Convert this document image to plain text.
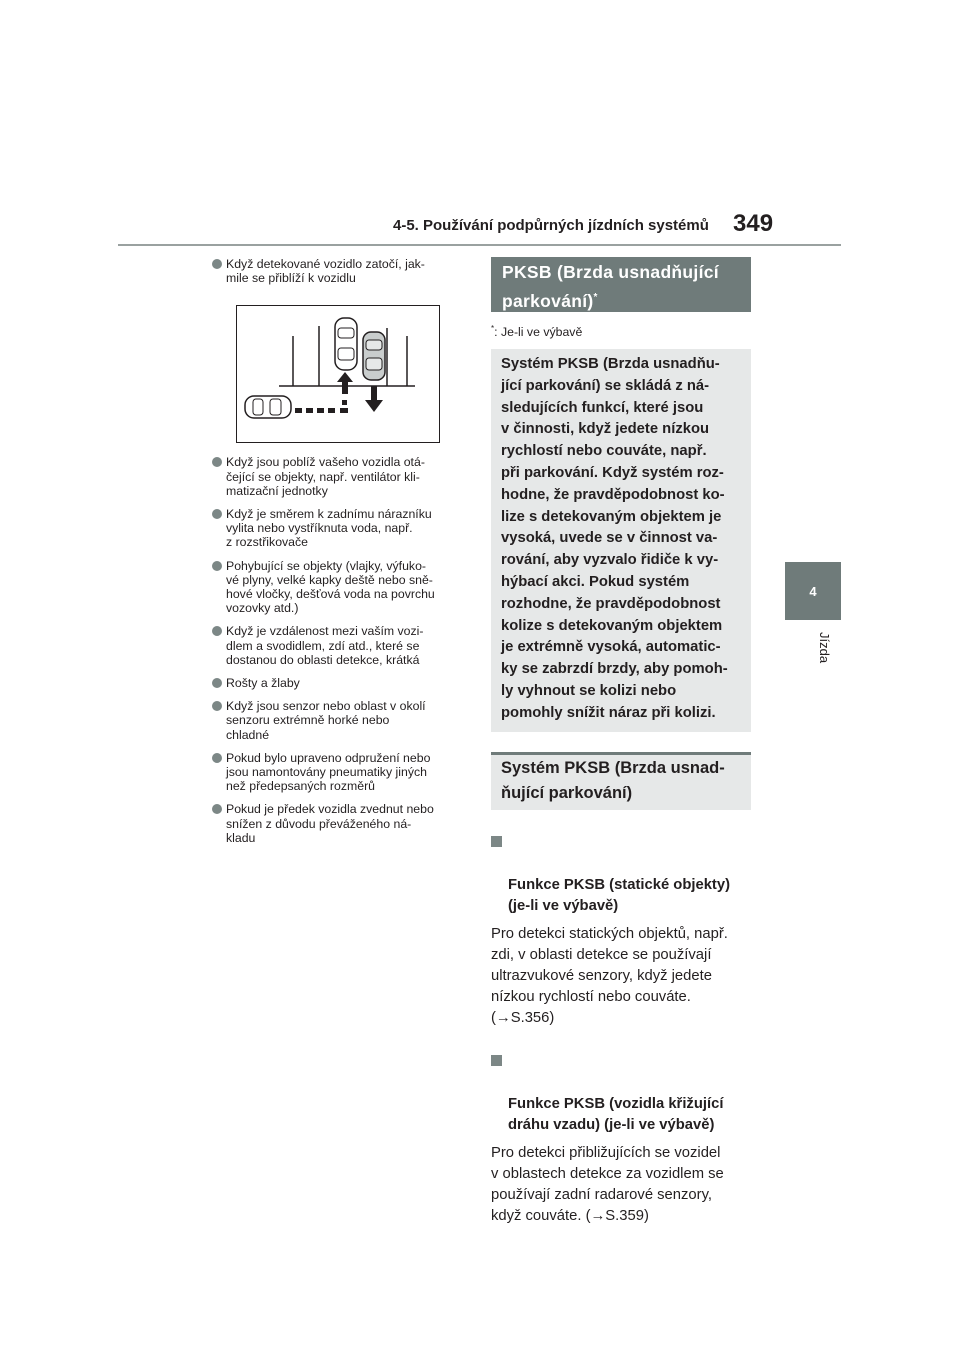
4-5. Používání podpůrných jízdních systémů 349
4
Jízda
Když detekované vozidlo zatočí, jak-
mile se přiblíží k vozidlu
Když jsou poblíž vašeho vozidla otá-
čející se objekty, např. ventilátor kli-
matizační jednotky
Když je směrem k zadnímu nárazníku
vylita nebo vystříknuta voda, např.
z rozstřikovače
Pohybující se objekty (vlajky, výfuko-
vé plyny, velké kapky deště nebo sně-
hové vločky, dešťová voda na povrchu
vozovky atd.)
Když je vzdálenost mezi vaším vozi-
dlem a svodidlem, zdí atd., které se
dostanou do oblasti detekce, krátká
Rošty a žlaby
Když jsou senzor nebo oblast v okolí
senzoru extrémně horké nebo
chladné
Pokud bylo upraveno odpružení nebo
jsou namontovány pneumatiky jiných
než předepsaných rozměrů
Pokud je předek vozidla zvednut nebo
snížen z důvodu převáženého ná-
kladu
PKSB (Brzda usnadňující
parkování)*
*: Je-li ve výbavě
Systém PKSB (Brzda usnadňu-
jící parkování) se skládá z ná-
sledujících funkcí, které jsou
v činnosti, když jedete nízkou
rychlostí nebo couváte, např.
při parkování. Když systém roz-
hodne, že pravděpodobnost ko-
lize s detekovaným objektem je
vysoká, uvede se v činnost va-
rování, aby vyzvalo řidiče k vy-
hýbací akci. Pokud systém
rozhodne, že pravděpodobnost
kolize s detekovaným objektem
je extrémně vysoká, automatic-
ky se zabrzdí brzdy, aby pomoh-
ly vyhnout se kolizi nebo
pomohly snížit náraz při kolizi.
Systém PKSB (Brzda usnad-
ňující parkování)

Funkce PKSB (statické objekty)
(je-li ve výbavě)

Pro detekci statických objektů, např.
zdi, v oblasti detekce se používají
ultrazvukové senzory, když jedete
nízkou rychlostí nebo couváte.
(→S.356)

Funkce PKSB (vozidla křižující
dráhu vzadu) (je-li ve výbavě)

Pro detekci přibližujících se vozidel
v oblastech detekce za vozidlem se
používají zadní radarové senzory,
když couváte. (→S.359)
